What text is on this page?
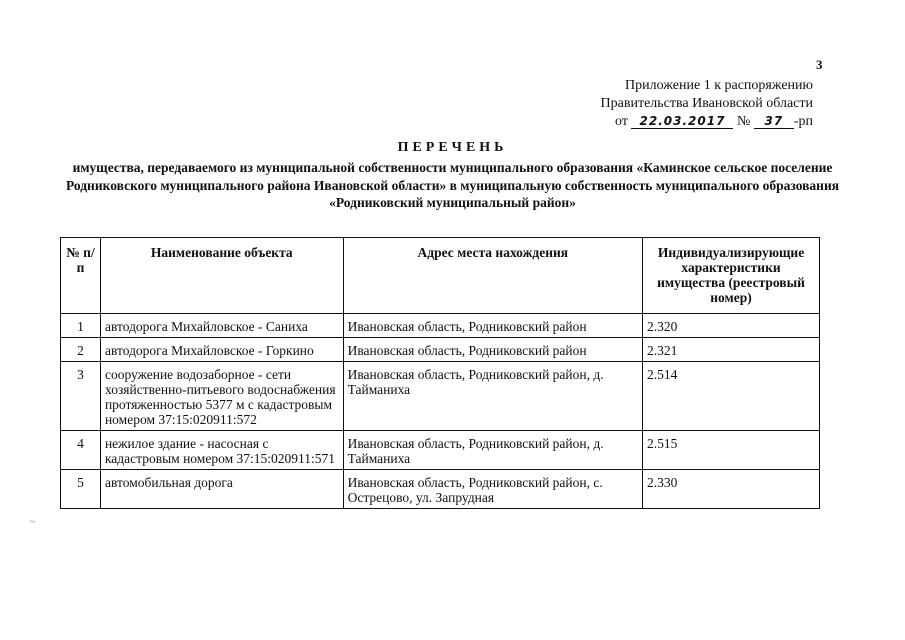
3
Приложение 1 к распоряжению
Правительства Ивановской области
от 22.03.2017 № 37 -рп
ПЕРЕЧЕНЬ
имущества, передаваемого из муниципальной собственности муниципального образования «Каминское сельское поселение Родниковского муниципального района Ивановской области» в муниципальную собственность муниципального образования «Родниковский муниципальный район»
№ п/п	Наименование объекта	Адрес места нахождения	Индивидуализирующие характеристики имущества (реестровый номер)
1	автодорога Михайловское - Саниха	Ивановская область, Родниковский район	2.320
2	автодорога Михайловское - Горкино	Ивановская область, Родниковский район	2.321
3	сооружение водозаборное - сети хозяйственно-питьевого водоснабжения протяженностью 5377 м с кадастровым номером 37:15:020911:572	Ивановская область, Родниковский район, д. Тайманиха	2.514
4	нежилое здание - насосная с кадастровым номером 37:15:020911:571	Ивановская область, Родниковский район, д. Тайманиха	2.515
5	автомобильная дорога	Ивановская область, Родниковский район, с. Острецово, ул. Запрудная	2.330
~
